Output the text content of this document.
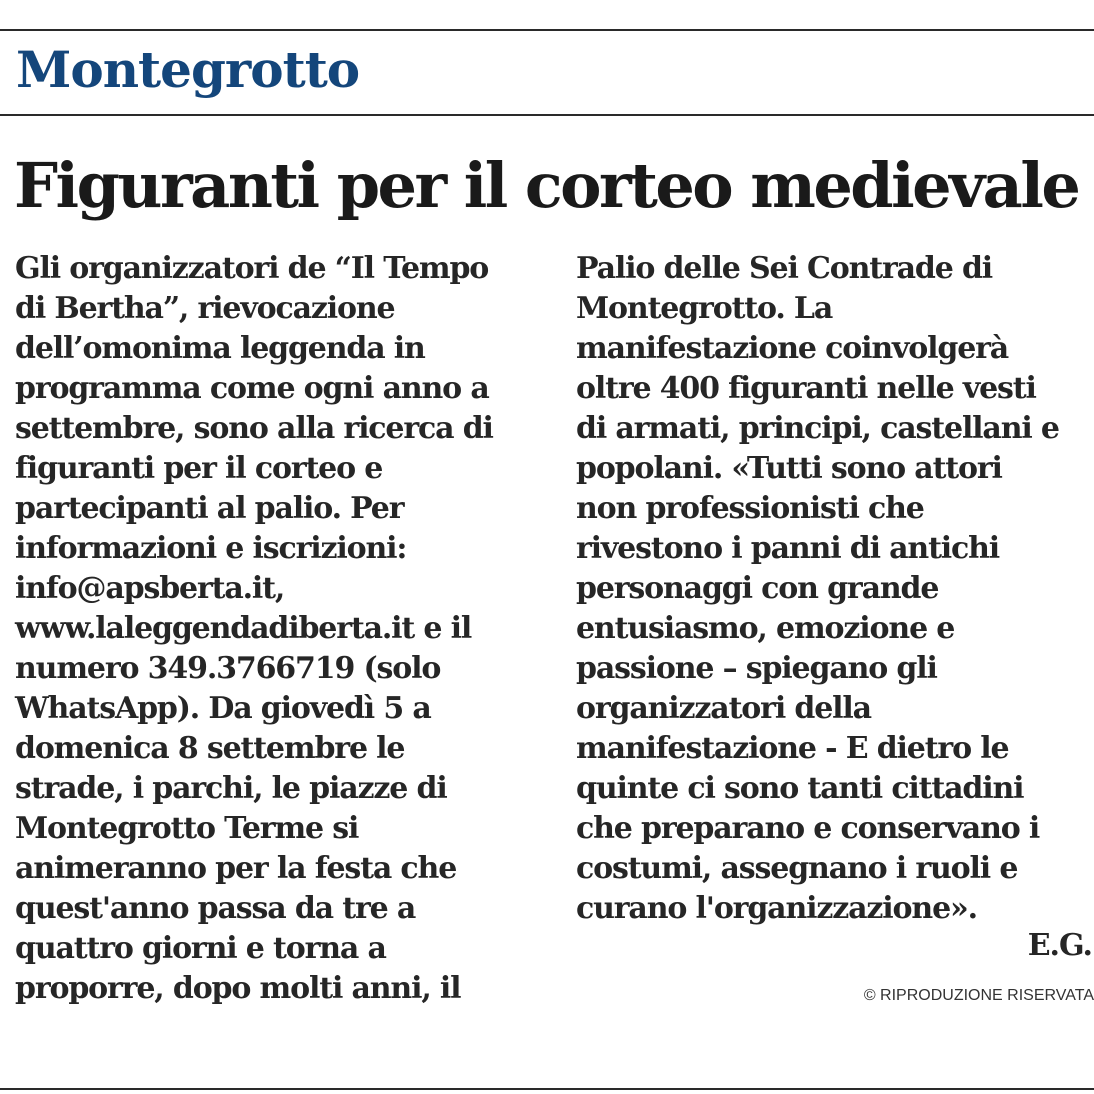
Montegrotto
Figuranti per il corteo medievale
Gli organizzatori de “Il Tempo
di Bertha”, rievocazione
dell’omonima leggenda in
programma come ogni anno a
settembre, sono alla ricerca di
figuranti per il corteo e
partecipanti al palio. Per
informazioni e iscrizioni:
info@apsberta.it,
www.laleggendadiberta.it e il
numero 349.3766719 (solo
WhatsApp). Da giovedì 5 a
domenica 8 settembre le
strade, i parchi, le piazze di
Montegrotto Terme si
animeranno per la festa che
quest'anno passa da tre a
quattro giorni e torna a
proporre, dopo molti anni, il
Palio delle Sei Contrade di
Montegrotto. La
manifestazione coinvolgerà
oltre 400 figuranti nelle vesti
di armati, principi, castellani e
popolani. «Tutti sono attori
non professionisti che
rivestono i panni di antichi
personaggi con grande
entusiasmo, emozione e
passione – spiegano gli
organizzatori della
manifestazione - E dietro le
quinte ci sono tanti cittadini
che preparano e conservano i
costumi, assegnano i ruoli e
curano l'organizzazione».
E.G.
© RIPRODUZIONE RISERVATA
